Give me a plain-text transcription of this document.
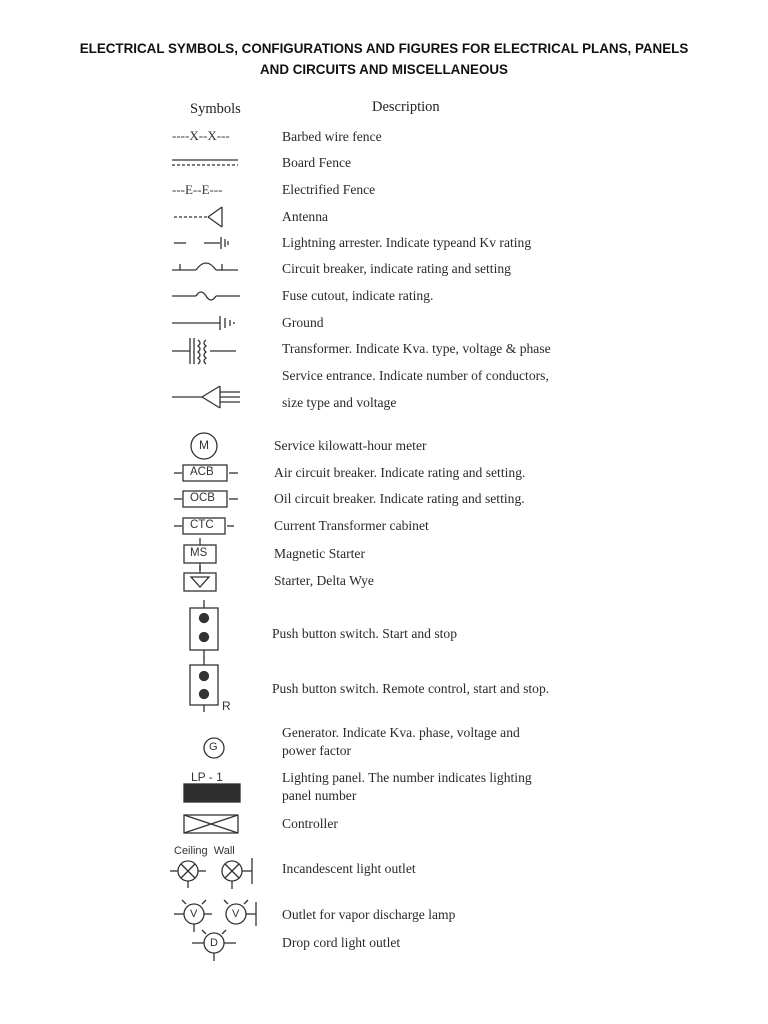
ELECTRICAL SYMBOLS, CONFIGURATIONS AND FIGURES FOR ELECTRICAL PLANS, PANELS
AND CIRCUITS AND MISCELLANEOUS
Symbols	Description
----X--X---
---E--E---
M
ACB
OCB
CTC
MS
R
G
LP - 1
Ceiling  Wall
V	V
D
Barbed wire fence
Board Fence
Electrified Fence
Antenna
Lightning arrester. Indicate typeand Kv rating
Circuit breaker, indicate rating and setting
Fuse cutout, indicate rating.
Ground
Transformer. Indicate Kva. type, voltage & phase
Service entrance. Indicate number of conductors,
size type and voltage
Service kilowatt-hour meter
Air circuit breaker. Indicate rating and setting.
Oil circuit breaker. Indicate rating and setting.
Current Transformer cabinet
Magnetic Starter
Starter, Delta Wye
Push button switch. Start and stop
Push button switch. Remote control, start and stop.
Generator. Indicate Kva. phase, voltage and
power factor
Lighting panel. The number indicates lighting
panel number
Controller
Incandescent light outlet
Outlet for vapor discharge lamp
Drop cord light outlet
